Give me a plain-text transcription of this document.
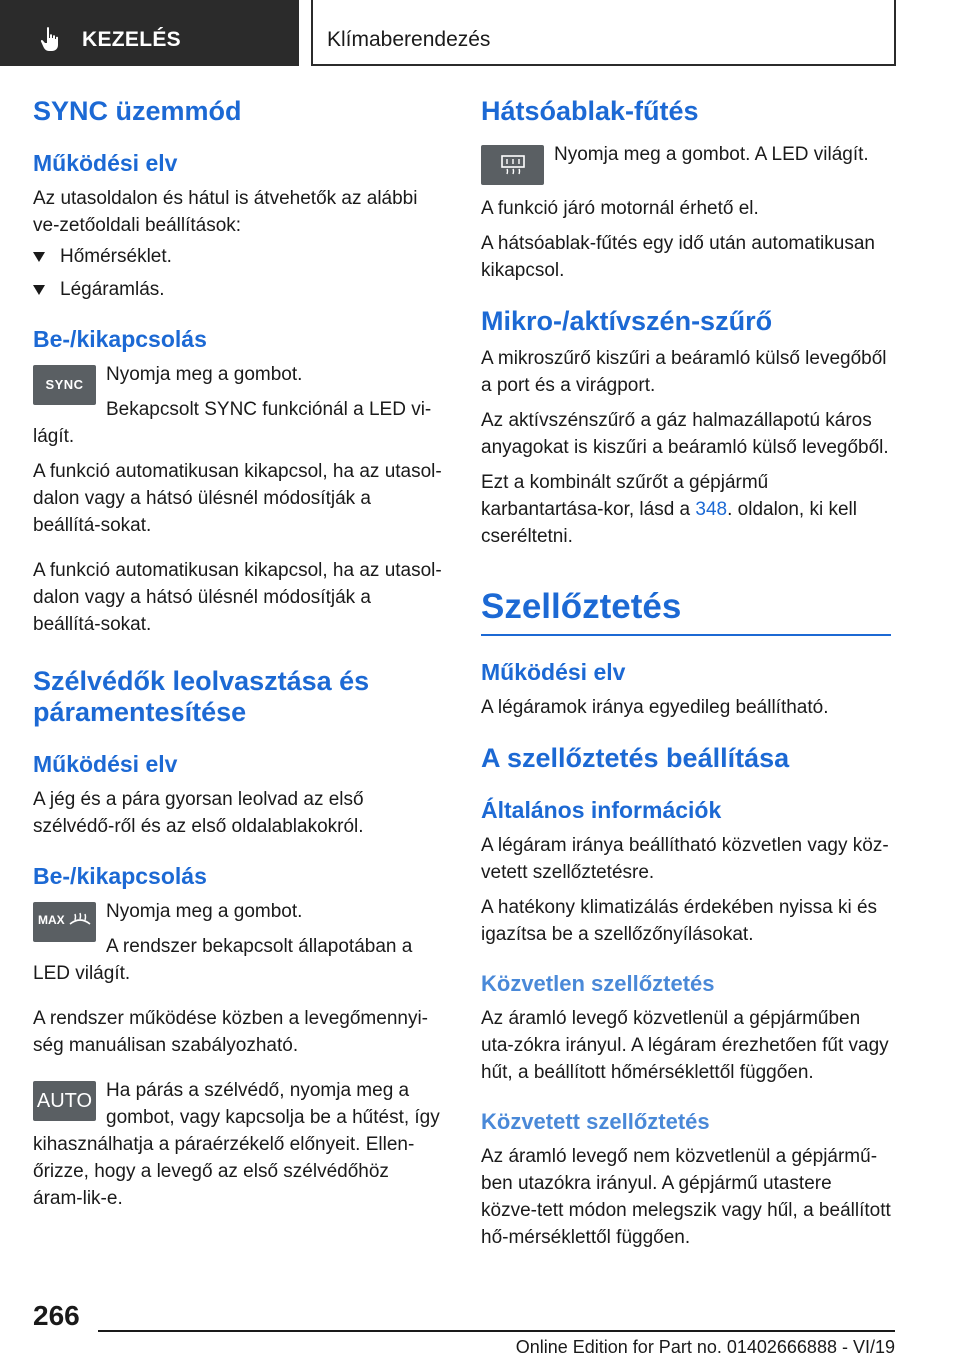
KEZELÉS	Klímaberendezés
SYNC üzemmód
Működési elv
Az utasoldalon és hátul is átvehetők az alábbi ve‐zetőoldali beállítások:
Hőmérséklet.
Légáramlás.
Be-/kikapcsolás
SYNC	Nyomja meg a gombot.
Bekapcsolt SYNC funkciónál a LED vi‐lágít.
A funkció automatikusan kikapcsol, ha az utasol‐dalon vagy a hátsó ülésnél módosítják a beállítá‐sokat.
A funkció automatikusan kikapcsol, ha az utasol‐dalon vagy a hátsó ülésnél módosítják a beállítá‐sokat.
Szélvédők leolvasztása és páramentesítése
Működési elv
A jég és a pára gyorsan leolvad az első szélvédő‐ről és az első oldalablakokról.
Be-/kikapcsolás
MAX	Nyomja meg a gombot.
A rendszer bekapcsolt állapotában a LED világít.
A rendszer működése közben a levegőmennyi‐ség manuálisan szabályozható.
AUTO Ha párás a szélvédő, nyomja meg a gombot, vagy kapcsolja be a hűtést, így kihasználhatja a páraérzékelő előnyeit. Ellen‐őrizze, hogy a levegő az első szélvédőhöz áram‐lik-e.
Hátsóablak-fűtés
Nyomja meg a gombot. A LED világít.
A funkció járó motornál érhető el.
A hátsóablak-fűtés egy idő után automatikusan kikapcsol.
Mikro-/aktívszén-szűrő
A mikroszűrő kiszűri a beáramló külső levegőből a port és a virágport.
Az aktívszénszűrő a gáz halmazállapotú káros anyagokat is kiszűri a beáramló külső levegőből.
Ezt a kombinált szűrőt a gépjármű karbantartása‐kor, lásd a 348. oldalon, ki kell cseréltetni.
Szellőztetés
Működési elv
A légáramok iránya egyedileg beállítható.
A szellőztetés beállítása
Általános információk
A légáram iránya beállítható közvetlen vagy köz‐vetett szellőztetésre.
A hatékony klimatizálás érdekében nyissa ki és igazítsa be a szellőzőnyílásokat.
Közvetlen szellőztetés
Az áramló levegő közvetlenül a gépjárműben uta‐zókra irányul. A légáram érezhetően fűt vagy hűt, a beállított hőmérséklettől függően.
Közvetett szellőztetés
Az áramló levegő nem közvetlenül a gépjármű‐ben utazókra irányul. A gépjármű utastere közve‐tett módon melegszik vagy hűl, a beállított hő‐mérséklettől függően.
266
Online Edition for Part no. 01402666888 - VI/19
